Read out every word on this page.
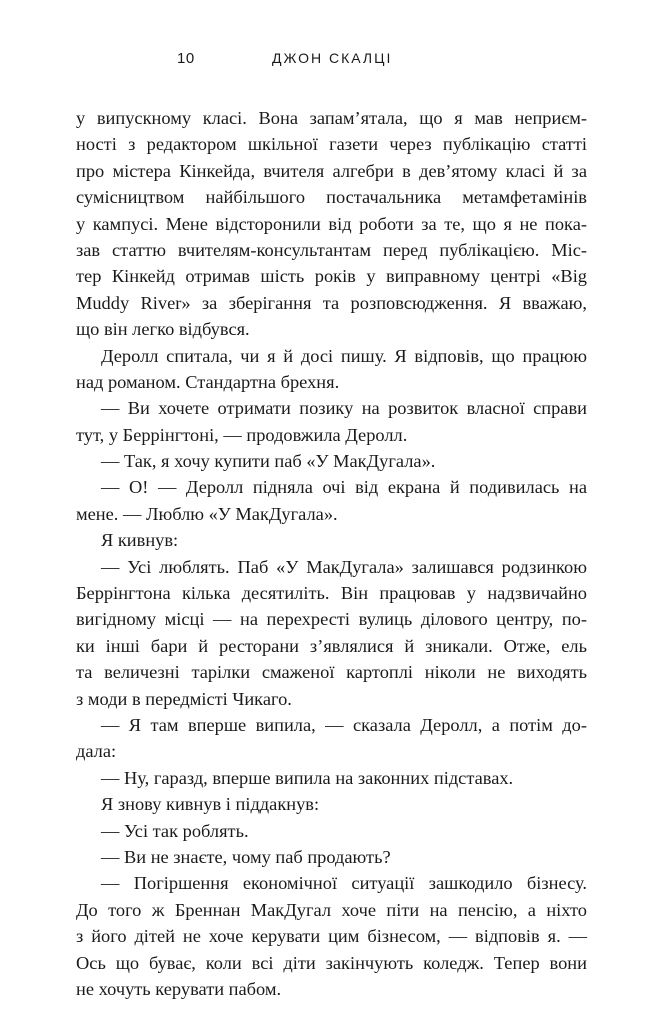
10	ДЖОН СКАЛЦІ
у випускному класі. Вона запам’ятала, що я мав неприєм-
ності з редактором шкільної газети через публікацію статті
про містера Кінкейда, вчителя алгебри в дев’ятому класі й за
сумісництвом найбільшого постачальника метамфетамінів
у кампусі. Мене відсторонили від роботи за те, що я не пока-
зав статтю вчителям-консультантам перед публікацією. Міс-
тер Кінкейд отримав шість років у виправному центрі «Big
Muddy River» за зберігання та розповсюдження. Я вважаю,
що він легко відбувся.
Деролл спитала, чи я й досі пишу. Я відповів, що працюю
над романом. Стандартна брехня.
— Ви хочете отримати позику на розвиток власної справи
тут, у Беррінгтоні, — продовжила Деролл.
— Так, я хочу купити паб «У МакДугала».
— О! — Деролл підняла очі від екрана й подивилась на
мене. — Люблю «У МакДугала».
Я кивнув:
— Усі люблять. Паб «У МакДугала» залишався родзинкою
Беррінгтона кілька десятиліть. Він працював у надзвичайно
вигідному місці — на перехресті вулиць ділового центру, по-
ки інші бари й ресторани з’являлися й зникали. Отже, ель
та величезні тарілки смаженої картоплі ніколи не виходять
з моди в передмісті Чикаго.
— Я там вперше випила, — сказала Деролл, а потім до-
дала:
— Ну, гаразд, вперше випила на законних підставах.
Я знову кивнув і піддакнув:
— Усі так роблять.
— Ви не знаєте, чому паб продають?
— Погіршення економічної ситуації зашкодило бізнесу.
До того ж Бреннан МакДугал хоче піти на пенсію, а ніхто
з його дітей не хоче керувати цим бізнесом, — відповів я. —
Ось що буває, коли всі діти закінчують коледж. Тепер вони
не хочуть керувати пабом.
